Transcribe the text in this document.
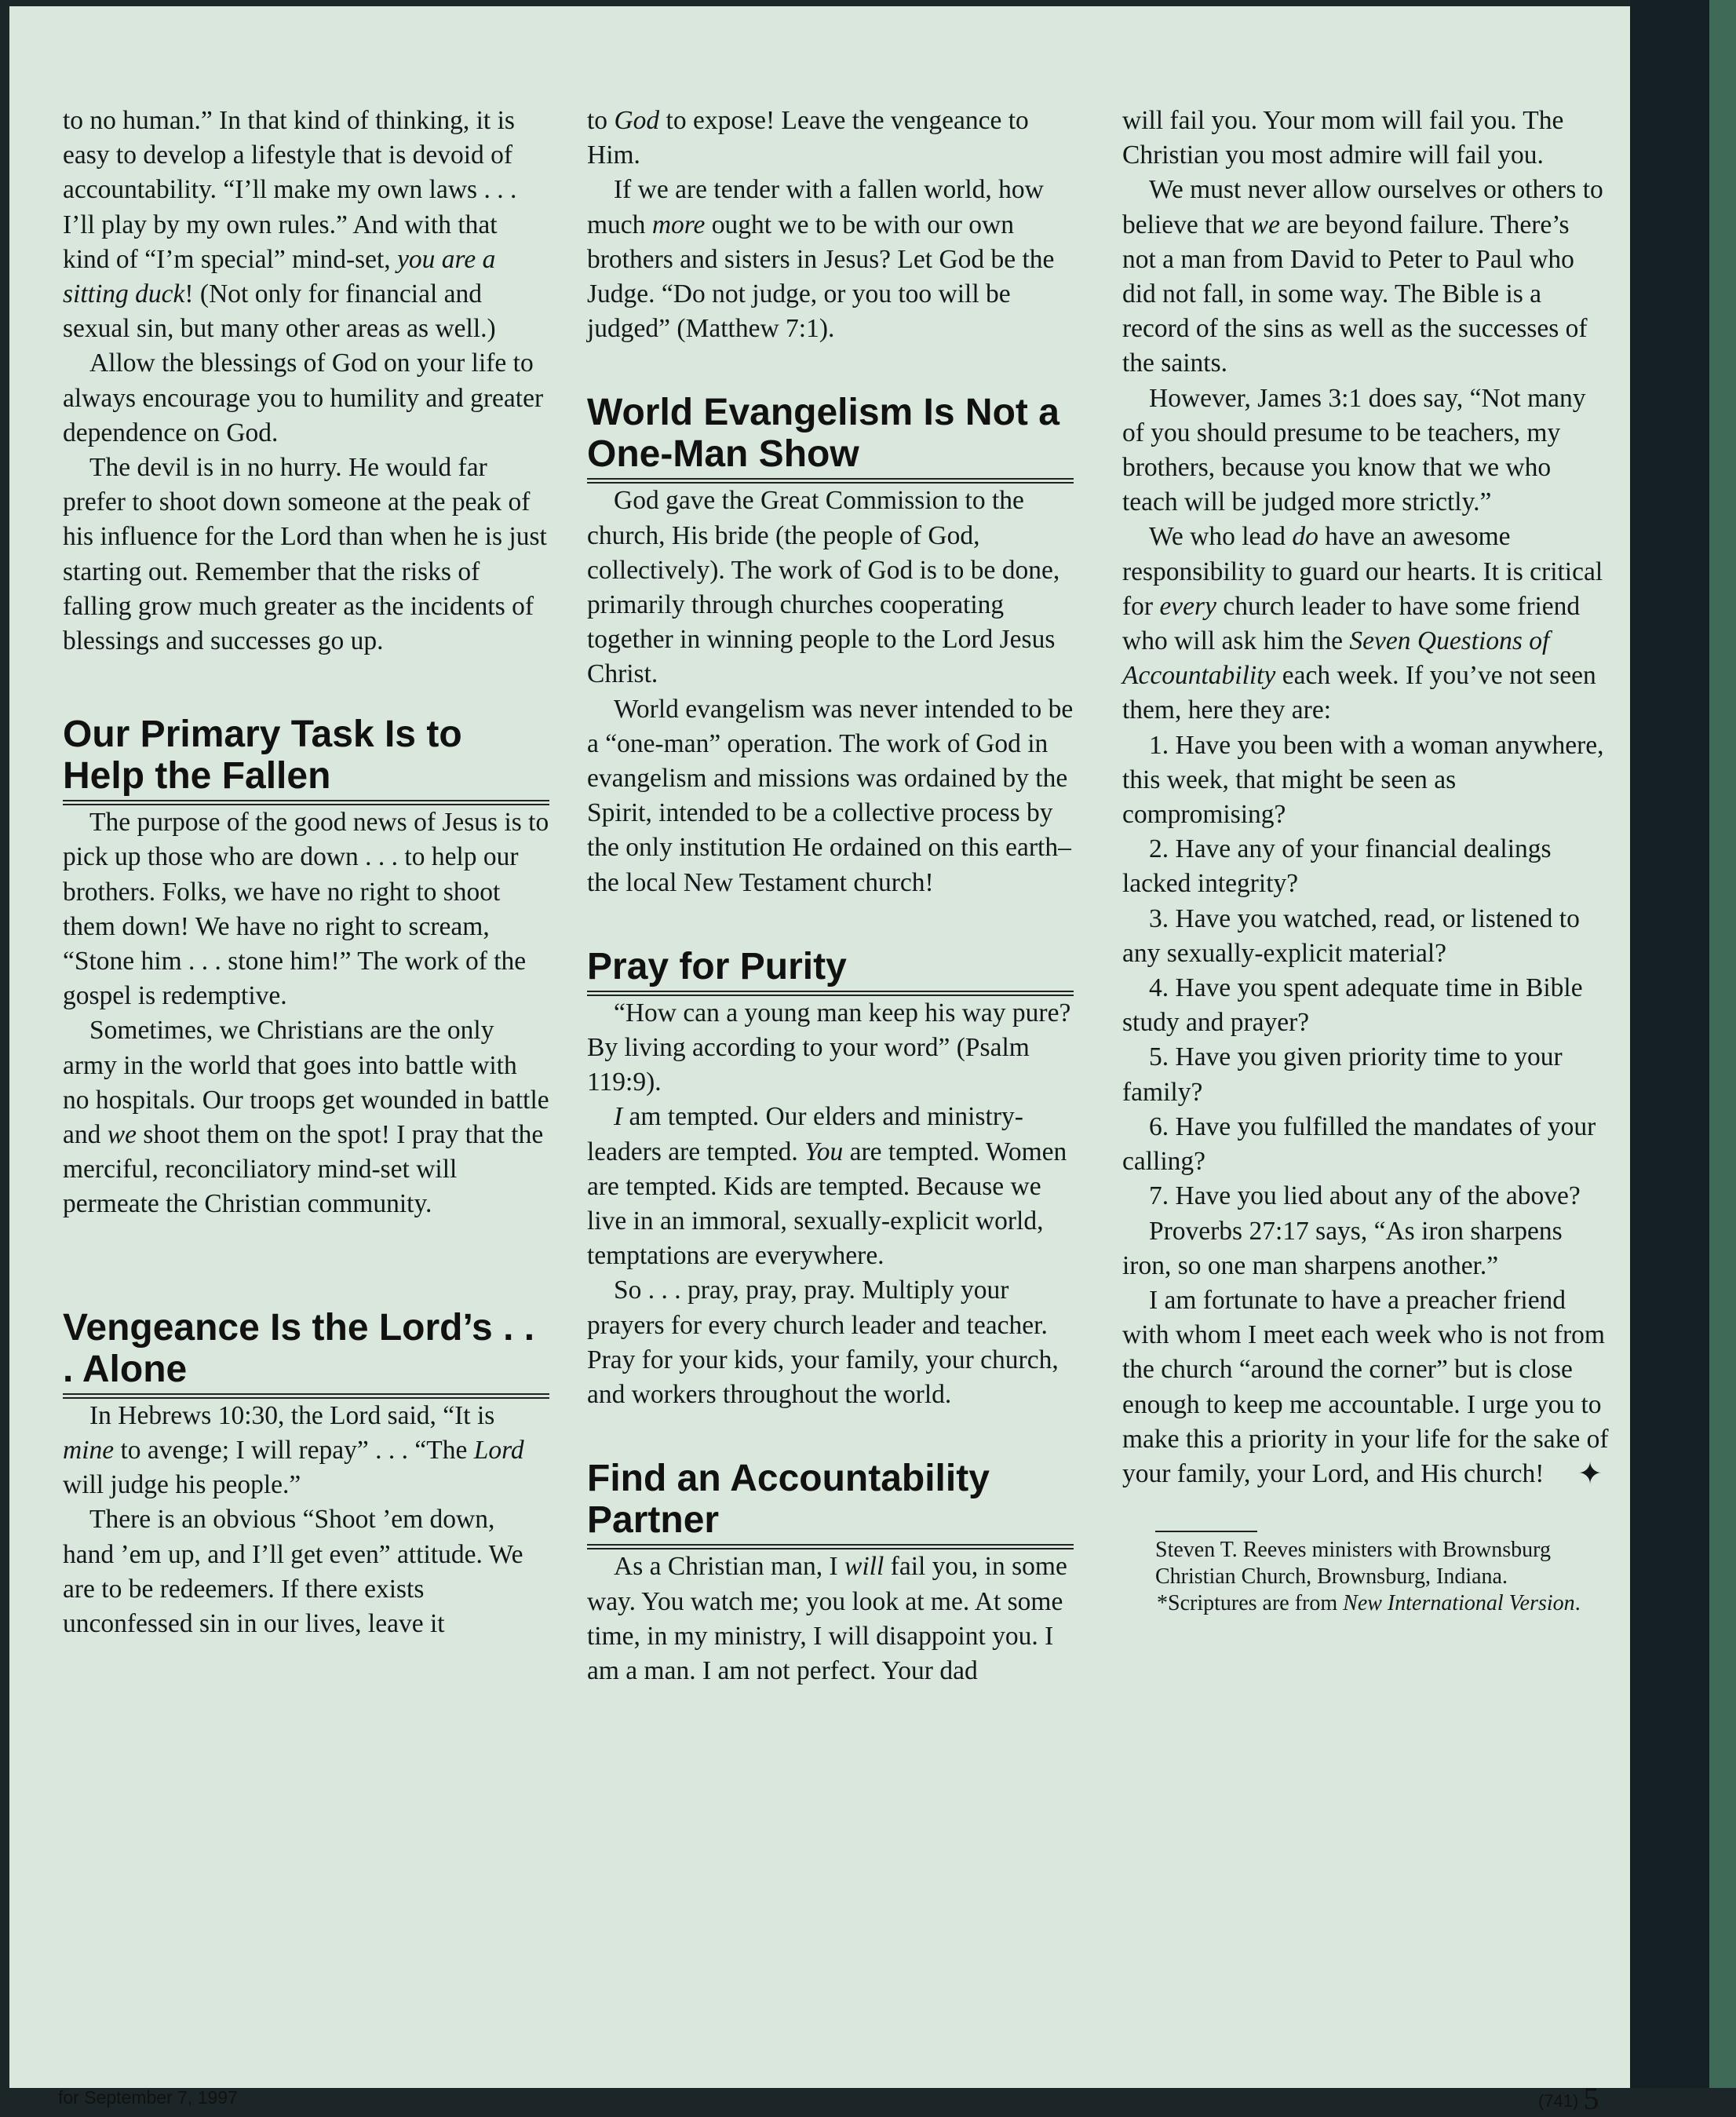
to no human.” In that kind of thinking, it is easy to develop a lifestyle that is devoid of accountability. “I’ll make my own laws . . . I’ll play by my own rules.” And with that kind of “I’m special” mind-set, you are a sitting duck! (Not only for financial and sexual sin, but many other areas as well.)

Allow the blessings of God on your life to always encourage you to humility and greater dependence on God.

The devil is in no hurry. He would far prefer to shoot down someone at the peak of his influence for the Lord than when he is just starting out. Remember that the risks of falling grow much greater as the incidents of blessings and successes go up.

Our Primary Task Is to Help the Fallen

The purpose of the good news of Jesus is to pick up those who are down . . . to help our brothers. Folks, we have no right to shoot them down! We have no right to scream, “Stone him . . . stone him!” The work of the gospel is redemptive.

Sometimes, we Christians are the only army in the world that goes into battle with no hospitals. Our troops get wounded in battle and we shoot them on the spot! I pray that the merciful, reconciliatory mind-set will permeate the Christian community.

Vengeance Is the Lord’s . . . Alone

In Hebrews 10:30, the Lord said, “It is mine to avenge; I will repay” . . . “The Lord will judge his people.”

There is an obvious “Shoot ’em down, hand ’em up, and I’ll get even” attitude. We are to be redeemers. If there exists unconfessed sin in our lives, leave it

to God to expose! Leave the vengeance to Him.

If we are tender with a fallen world, how much more ought we to be with our own brothers and sisters in Jesus? Let God be the Judge. “Do not judge, or you too will be judged” (Matthew 7:1).

World Evangelism Is Not a One-Man Show

God gave the Great Commission to the church, His bride (the people of God, collectively). The work of God is to be done, primarily through churches cooperating together in winning people to the Lord Jesus Christ.

World evangelism was never intended to be a “one-man” operation. The work of God in evangelism and missions was ordained by the Spirit, intended to be a collective process by the only institution He ordained on this earth–the local New Testament church!

Pray for Purity

“How can a young man keep his way pure? By living according to your word” (Psalm 119:9).

I am tempted. Our elders and ministry-leaders are tempted. You are tempted. Women are tempted. Kids are tempted. Because we live in an immoral, sexually-explicit world, temptations are everywhere.

So . . . pray, pray, pray. Multiply your prayers for every church leader and teacher. Pray for your kids, your family, your church, and workers throughout the world.

Find an Accountability Partner

As a Christian man, I will fail you, in some way. You watch me; you look at me. At some time, in my ministry, I will disappoint you. I am a man. I am not perfect. Your dad

will fail you. Your mom will fail you. The Christian you most admire will fail you.

We must never allow ourselves or others to believe that we are beyond failure. There’s not a man from David to Peter to Paul who did not fall, in some way. The Bible is a record of the sins as well as the successes of the saints.

However, James 3:1 does say, “Not many of you should presume to be teachers, my brothers, because you know that we who teach will be judged more strictly.”

We who lead do have an awesome responsibility to guard our hearts. It is critical for every church leader to have some friend who will ask him the Seven Questions of Accountability each week. If you’ve not seen them, here they are:

1. Have you been with a woman anywhere, this week, that might be seen as compromising?

2. Have any of your financial dealings lacked integrity?

3. Have you watched, read, or listened to any sexually-explicit material?

4. Have you spent adequate time in Bible study and prayer?

5. Have you given priority time to your family?

6. Have you fulfilled the mandates of your calling?

7. Have you lied about any of the above?

Proverbs 27:17 says, “As iron sharpens iron, so one man sharpens another.”

I am fortunate to have a preacher friend with whom I meet each week who is not from the church “around the corner” but is close enough to keep me accountable. I urge you to make this a priority in your life for the sake of your family, your Lord, and His church!	✦

Steven T. Reeves ministers with Brownsburg Christian Church, Brownsburg, Indiana.

*Scriptures are from New International Version.

for September 7, 1997	(741) 5
